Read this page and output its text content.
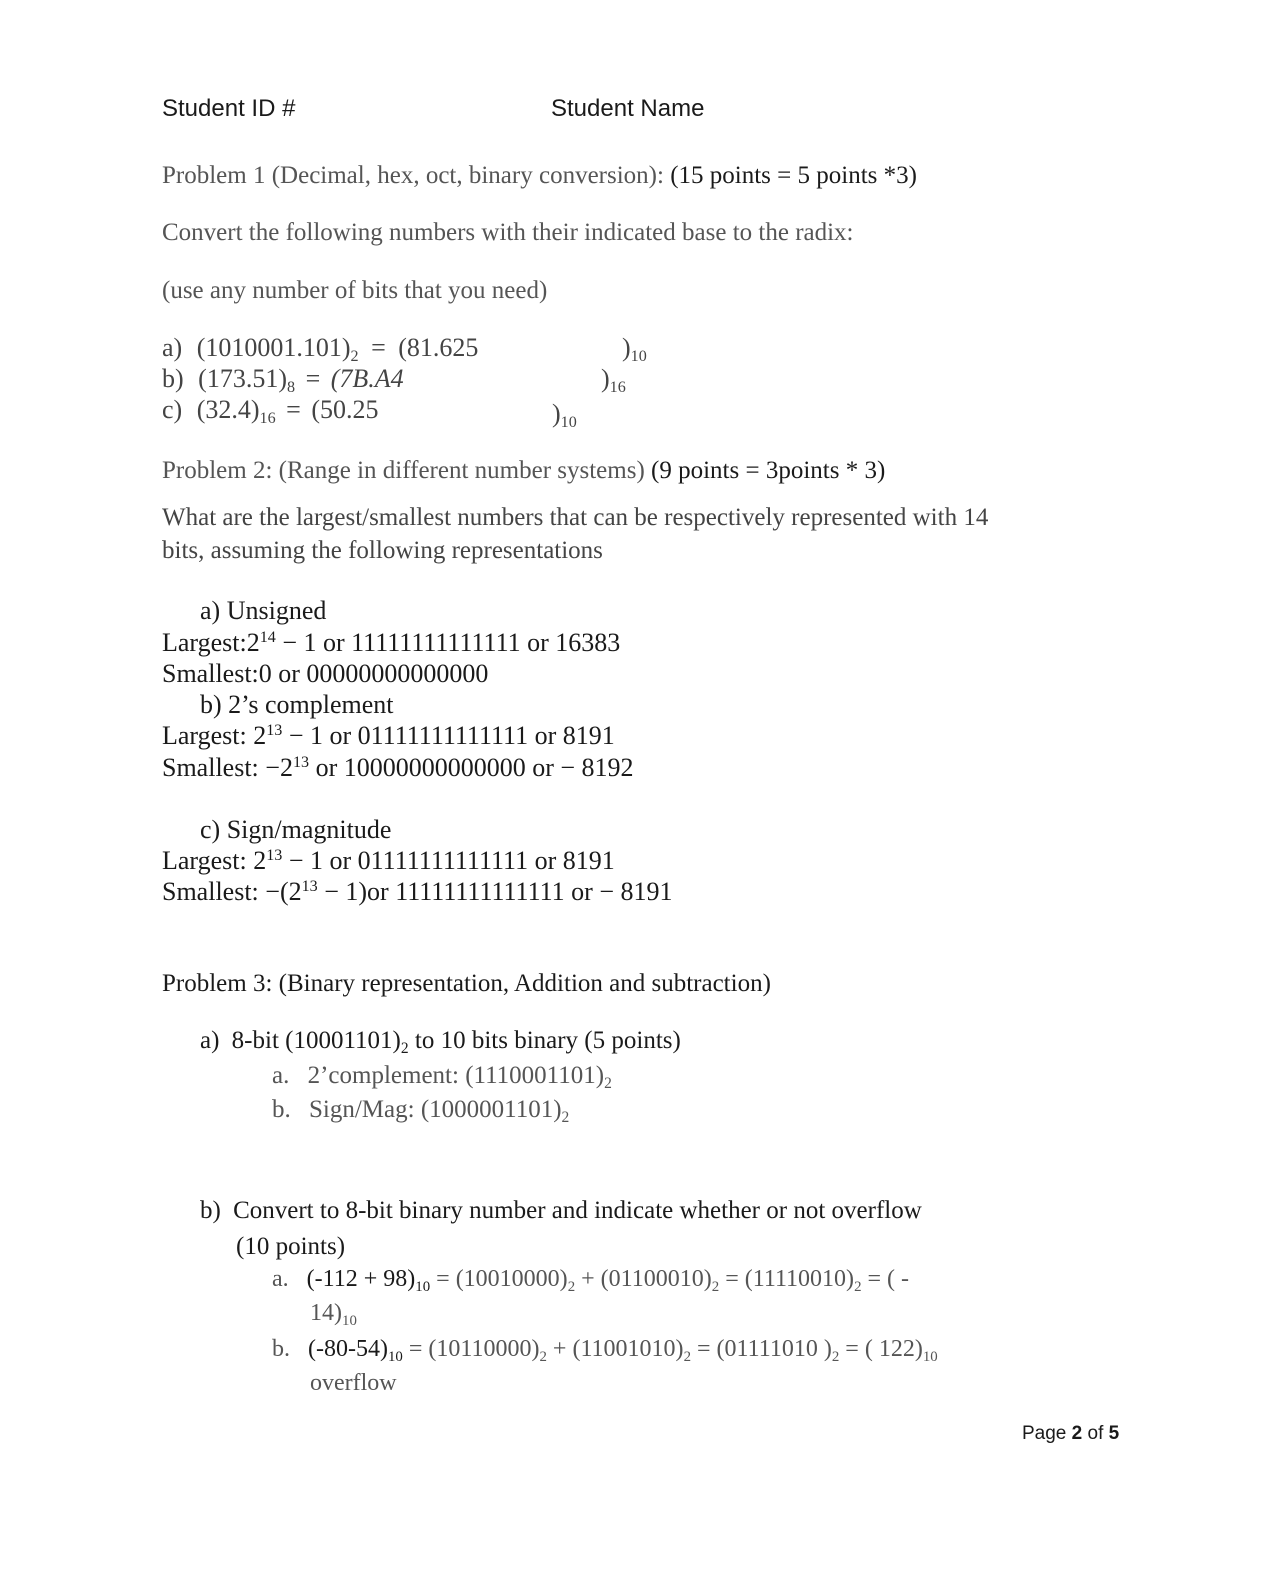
Student ID #	Student Name
Problem 1 (Decimal, hex, oct, binary conversion): (15 points = 5 points *3)
Convert the following numbers with their indicated base to the radix:
(use any number of bits that you need)
a) $(1010001.101)_2 = (81.625$	)$_{10}$
b) $(173.51)_8 = (7B.A4$	)$_{16}$
c) $(32.4)_{16} = (50.25$	)$_{10}$
Problem 2: (Range in different number systems) (9 points = 3points * 3)
What are the largest/smallest numbers that can be respectively represented with 14
bits, assuming the following representations
a) Unsigned
$Largest:2^{14} - 1$ or 11111111111111 or 16383
Smallest:0 or 00000000000000
b) 2’s complement
Largest: $2^{13} - 1$ or 01111111111111 or 8191
Smallest: $-2^{13}$ or 10000000000000 or − 8192
c) Sign/magnitude
Largest: $2^{13} - 1$ or 01111111111111 or 8191
Smallest: $-(2^{13} - 1)or$ 11111111111111 or − 8191
Problem 3: (Binary representation, Addition and subtraction)
a) 8-bit $(10001101)_2$ to 10 bits binary (5 points)
a. 2’complement: $(1110001101)_2$
b. Sign/Mag: $(1000001101)_2$
b) Convert to 8-bit binary number and indicate whether or not overflow
(10 points)
a. $(-112 + 98)_{10} = (10010000)_2 + (01100010)_2 = (11110010)_2$ = ( -
$14)_{10}$
b. $(-80-54)_{10} = (10110000)_2 + (11001010)_2 = (01111010$ )$_2$ = ( $122)_{10}$
overflow
Page 2 of 5
